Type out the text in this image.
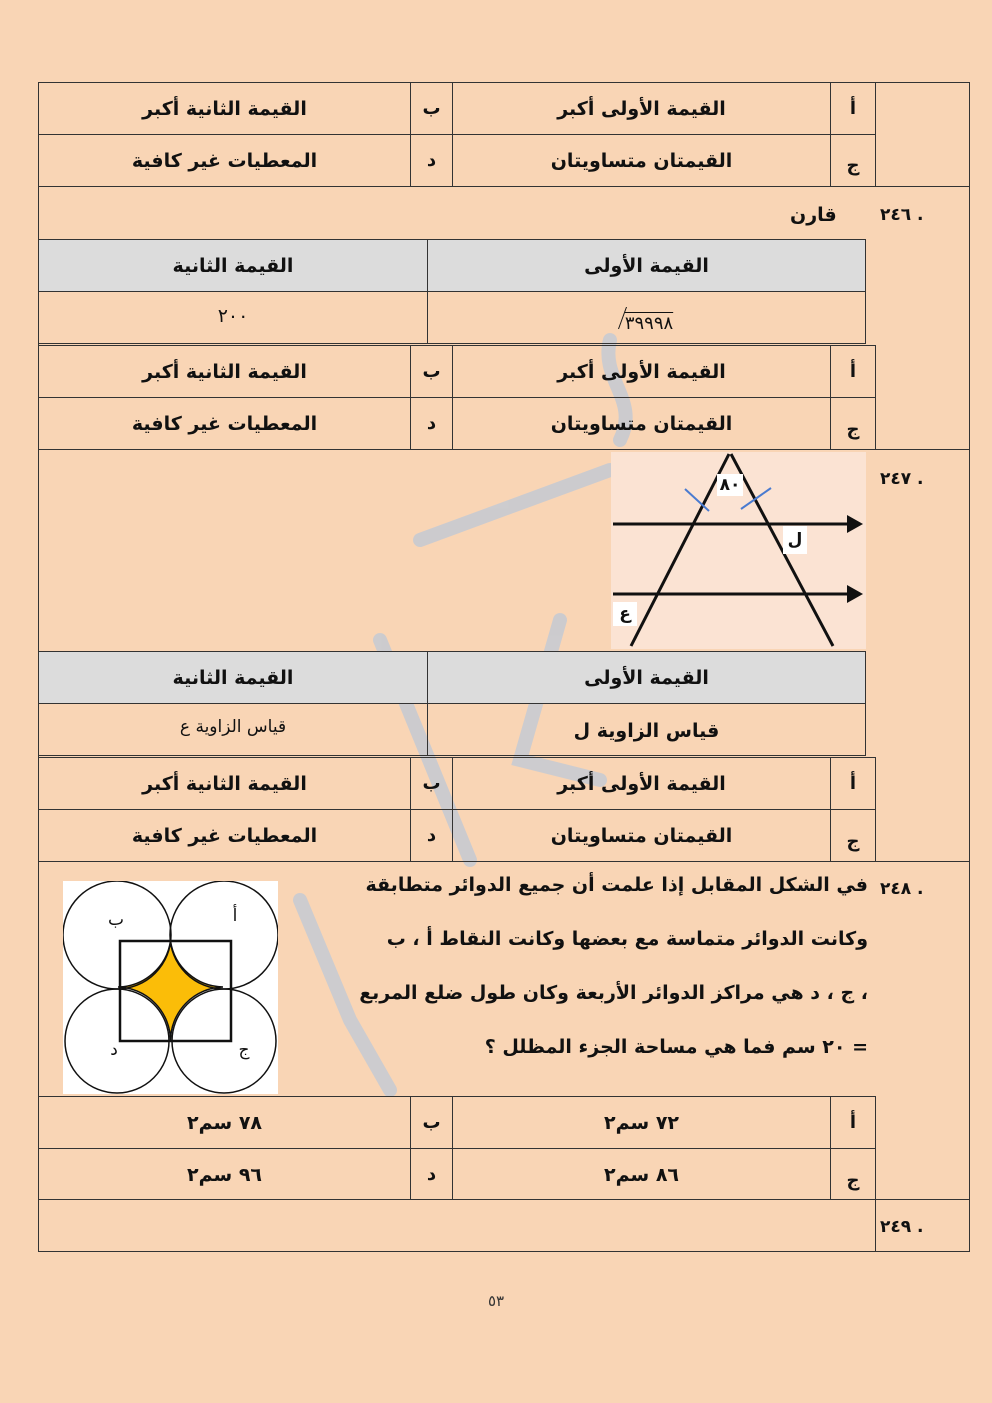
٨٠
ل
ع
أ
ب
ج
د
أ
القيمة الأولى أكبر
ب
القيمة الثانية أكبر
ج
القيمتان متساويتان
د
المعطيات غير كافية
٢٤٦ .
قارن
القيمة الأولى
القيمة الثانية
٣٩٩٩٨
٢٠٠
أ
القيمة الأولى أكبر
ب
القيمة الثانية أكبر
ج
القيمتان متساويتان
د
المعطيات غير كافية
٢٤٧ .
القيمة الأولى
القيمة الثانية
قياس الزاوية ل
قياس الزاوية ع
أ
القيمة الأولى أكبر
ب
القيمة الثانية أكبر
ج
القيمتان متساويتان
د
المعطيات غير كافية
٢٤٨ .
في الشكل المقابل إذا علمت أن جميع الدوائر متطابقة
وكانت الدوائر متماسة مع بعضها وكانت النقاط أ ، ب
، ج ، د هي مراكز الدوائر الأربعة وكان طول ضلع المربع
= ٢٠ سم فما هي مساحة الجزء المظلل ؟
أ
٧٢ سم٢
ب
٧٨ سم٢
ج
٨٦ سم٢
د
٩٦ سم٢
٢٤٩ .
٥٣
